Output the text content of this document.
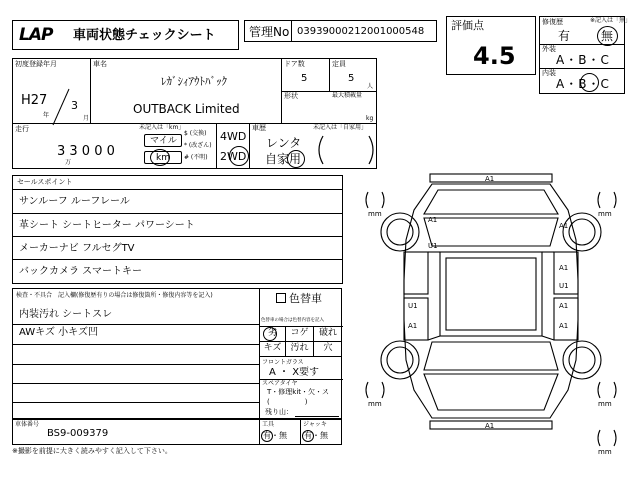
LAP 車両状態チェックシート	管理No 03939000212001000548 評価点
4.5
修復歴	※記入は「無」
有	無
外装
A・B・C
内装
A・B・C
初度登録年月
H27 3
年	月
車名
ﾚｶﾞｼｨｱｳﾄﾊﾞｯｸ
OUTBACK Limited
ドア数
5
定員
5
人
形状	最大積載量
kg
走行
3 3 0 0 0
万
未記入は「km」
マイル
km
$ (交換)
* (改ざん)
# (不明)
4WD
2WD
車歴	未記入は「自家用」
レンタ
自家用
セールスポイント
サンルーフ ルーフレール
革シート シートヒーター パワーシート
メーカーナビ フルセグTV
バックカメラ スマートキー
検査・不具合　記入欄(修復歴有りの場合は修復箇所・修復内容等を記入)
内装汚れ シートスレ
AWキズ 小キズ凹
色替車
色替車の場合は色替内容を記入
劣	コゲ	破れ
キズ	汚れ	穴
フロントガラス
A ・ X要す
スペアタイヤ
T・修理kit・欠・ス
(　　　　　)
残り山：
車体番号
BS9-009379
工具
有・無
ジャッキ
有・無
※撮影を前提に大きく読みやすく記入して下さい。
A1
A1
U1
A1
A1
U1
U1
A1
A1
A1
A1
mm	mm
mm	mm
mm
